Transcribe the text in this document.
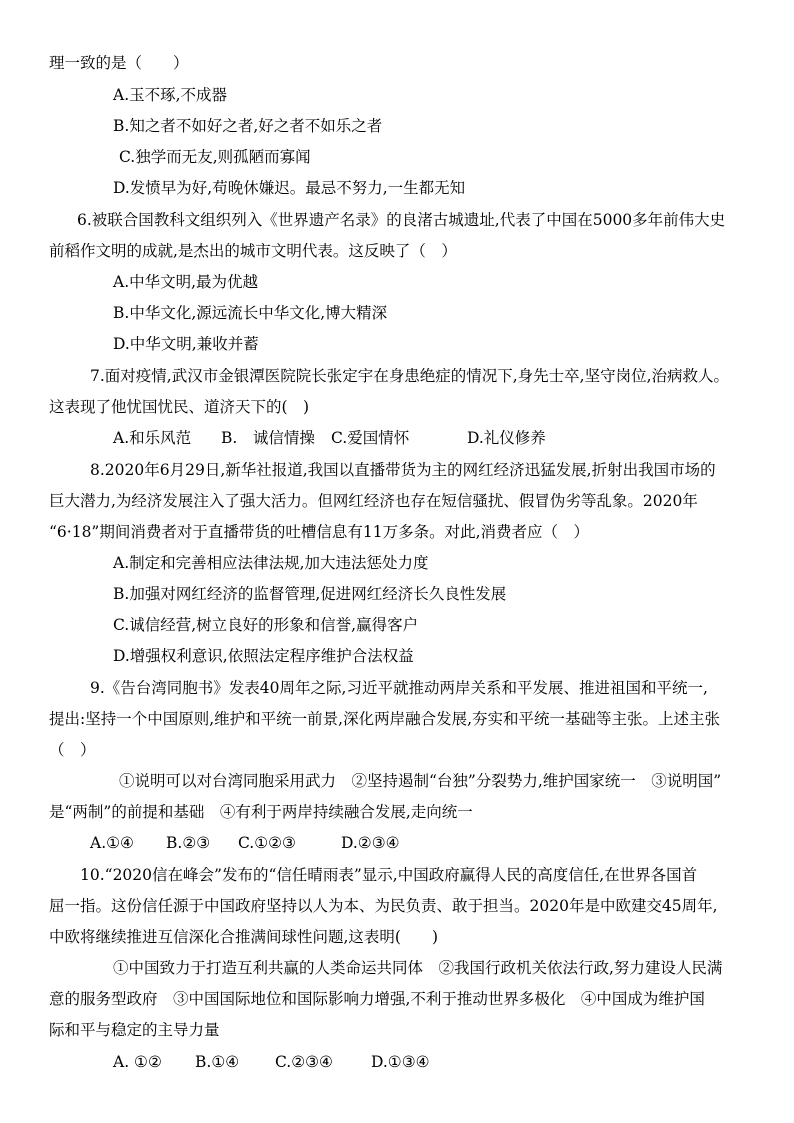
理一致的是（　　）
A.玉不琢,不成器
B.知之者不如好之者,好之者不如乐之者
C.独学而无友,则孤陋而寡闻
D.发愤早为好,苟晚休嫌迟。最忌不努力,一生都无知
6.被联合国教科文组织列入《世界遗产名录》的良渚古城遗址,代表了中国在5000多年前伟大史
前稻作文明的成就,是杰出的城市文明代表。这反映了（　）
A.中华文明,最为优越
B.中华文化,源远流长中华文化,博大精深
D.中华文明,兼收并蓄
7.面对疫情,武汉市金银潭医院院长张定宇在身患绝症的情况下,身先士卒,坚守岗位,治病救人。
这表现了他忧国忧民、道济天下的(　)
A.和乐风范 B.　诚信情操 C.爱国情怀	D.礼仪修养
8.2020年6月29日,新华社报道,我国以直播带货为主的网红经济迅猛发展,折射出我国市场的
巨大潜力,为经济发展注入了强大活力。但网红经济也存在短信骚扰、假冒伪劣等乱象。2020年
“6·18”期间消费者对于直播带货的吐槽信息有11万多条。对此,消费者应（　）
A.制定和完善相应法律法规,加大违法惩处力度
B.加强对网红经济的监督管理,促进网红经济长久良性发展
C.诚信经营,树立良好的形象和信誉,赢得客户
D.增强权利意识,依照法定程序维护合法权益
9.《告台湾同胞书》发表40周年之际,习近平就推动两岸关系和平发展、推进祖国和平统一,
提出:坚持一个中国原则,维护和平统一前景,深化两岸融合发展,夯实和平统一基础等主张。上述主张
（　）
①说明可以对台湾同胞采用武力　②坚持遏制“台独”分裂势力,维护国家统一　③说明国”
是“两制”的前提和基础　④有利于两岸持续融合发展,走向统一
A.①④ B.②③ C.①②③	D.②③④
10.“2020信在峰会”发布的“信任晴雨表”显示,中国政府赢得人民的高度信任,在世界各国首
屈一指。这份信任源于中国政府坚持以人为本、为民负责、敢于担当。2020年是中欧建交45周年,
中欧将继续推进互信深化合推满间球性问题,这表明(　　)
①中国致力于打造互利共赢的人类命运共同体　②我国行政机关依法行政,努力建设人民满
意的服务型政府　③中国国际地位和国际影响力增强,不利于推动世界多极化　④中国成为维护国
际和平与稳定的主导力量
A. ①② B.①④ C.②③④ D.①③④
